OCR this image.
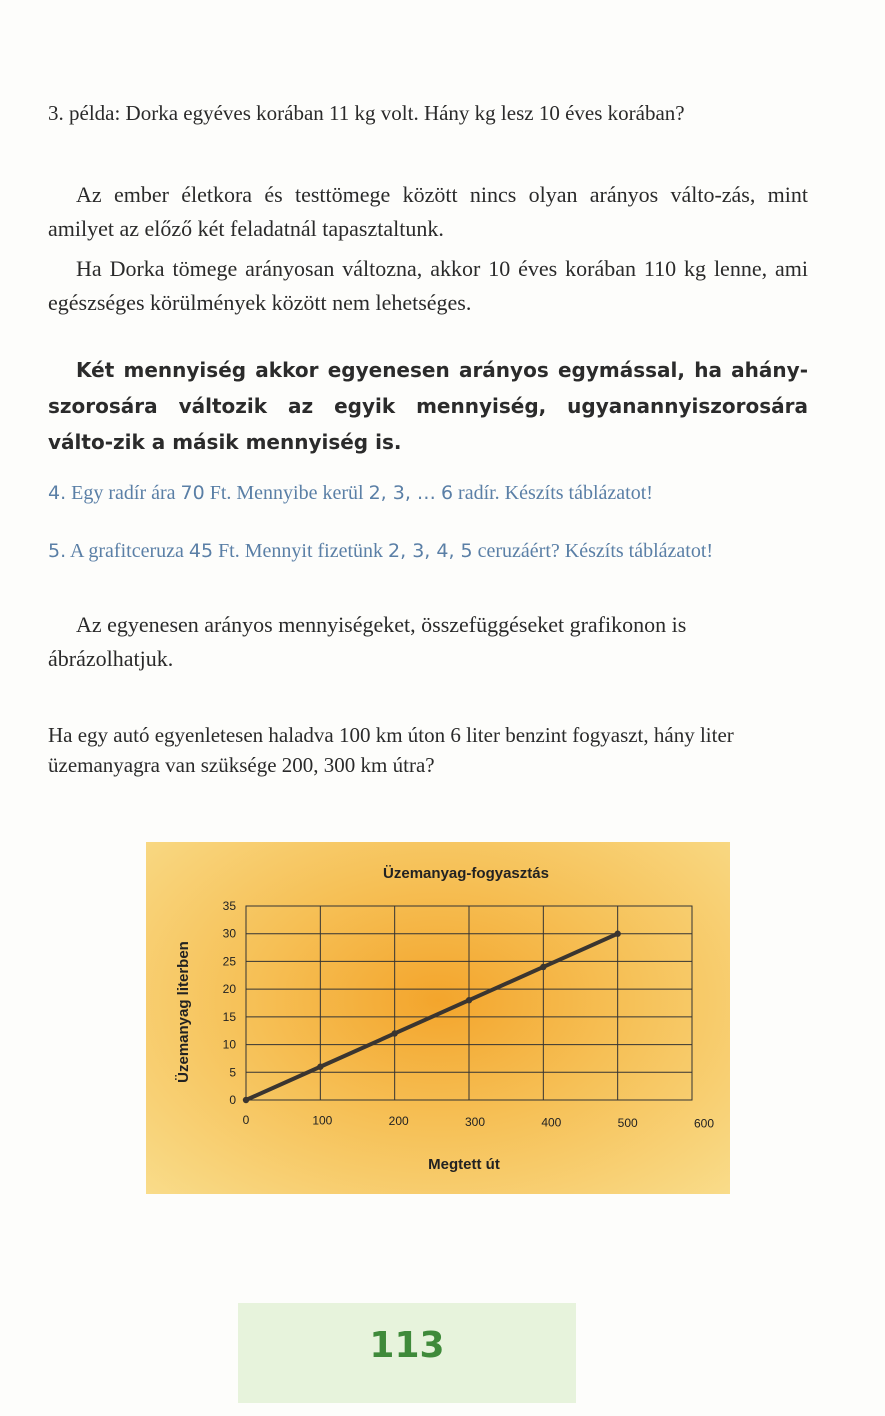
3. példa: Dorka egyéves korában 11 kg volt. Hány kg lesz 10 éves korában?

Az ember életkora és testtömege között nincs olyan arányos válto-zás, mint amilyet az előző két feladatnál tapasztaltunk.

Ha Dorka tömege arányosan változna, akkor 10 éves korában 110 kg lenne, ami egészséges körülmények között nem lehetséges.

Két mennyiség akkor egyenesen arányos egymással, ha ahány-szorosára változik az egyik mennyiség, ugyanannyiszorosára válto-zik a másik mennyiség is.

4. Egy radír ára 70 Ft. Mennyibe kerül 2, 3, … 6 radír. Készíts táblázatot!
5. A grafitceruza 45 Ft. Mennyit fizetünk 2, 3, 4, 5 ceruzáért? Készíts táblázatot!

Az egyenesen arányos mennyiségeket, összefüggéseket grafikonon is ábrázolhatjuk.

Ha egy autó egyenletesen haladva 100 km úton 6 liter benzint fogyaszt, hány liter üzemanyagra van szüksége 200, 300 km útra?

Üzemanyag-fogyasztás
0
5
10
15
20
25
30
35
0	100	200	300	400	500	600
Megtett út
Üzemanyag literben
113
